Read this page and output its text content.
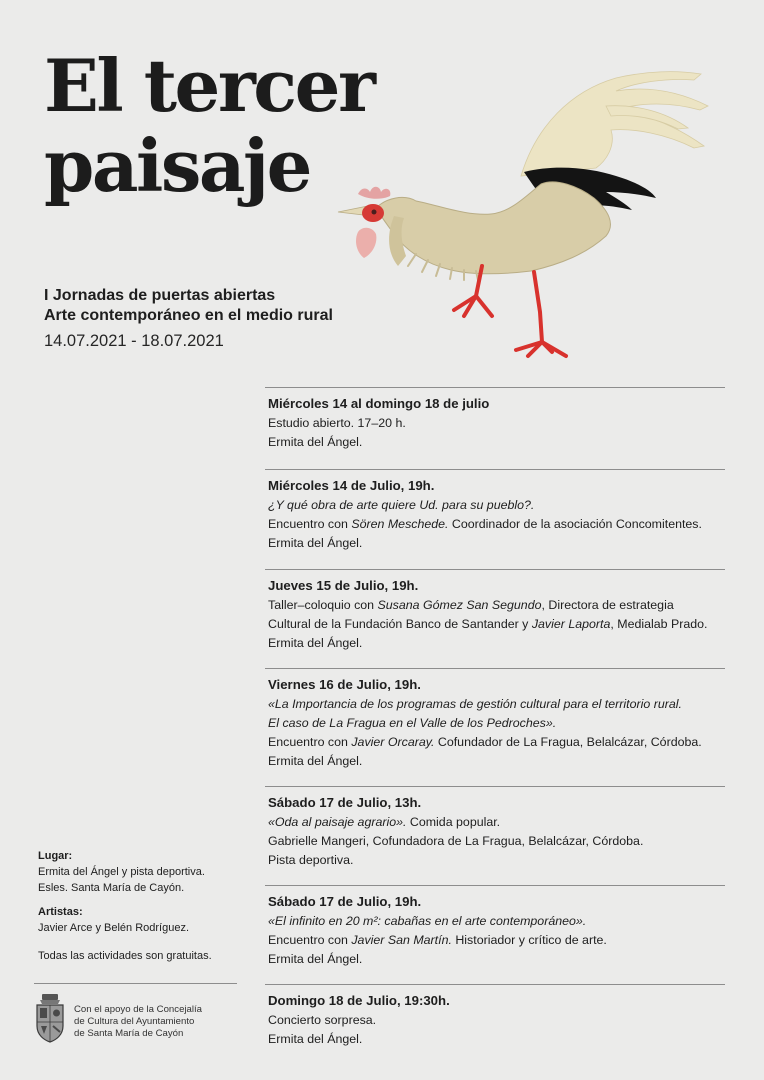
El tercer
paisaje
I Jornadas de puertas abiertas
Arte contemporáneo en el medio rural
14.07.2021 - 18.07.2021
Miércoles 14 al domingo 18 de julio
Estudio abierto. 17–20 h.
Ermita del Ángel.
Miércoles 14 de Julio, 19h.
¿Y qué obra de arte quiere Ud. para su pueblo?.
Encuentro con Sören Meschede. Coordinador de la asociación Concomitentes.
Ermita del Ángel.
Jueves 15 de Julio, 19h.
Taller–coloquio con Susana Gómez San Segundo, Directora de estrategia
Cultural de la Fundación Banco de Santander y Javier Laporta, Medialab Prado.
Ermita del Ángel.
Viernes 16 de Julio, 19h.
«La Importancia de los programas de gestión cultural para el territorio rural.
El caso de La Fragua en el Valle de los Pedroches».
Encuentro con Javier Orcaray. Cofundador de La Fragua, Belalcázar, Córdoba.
Ermita del Ángel.
Sábado 17 de Julio, 13h.
«Oda al paisaje agrario». Comida popular.
Gabrielle Mangeri, Cofundadora de La Fragua, Belalcázar, Córdoba.
Pista deportiva.
Sábado 17 de Julio, 19h.
«El infinito en 20 m²: cabañas en el arte contemporáneo».
Encuentro con Javier San Martín. Historiador y crítico de arte.
Ermita del Ángel.
Domingo 18 de Julio, 19:30h.
Concierto sorpresa.
Ermita del Ángel.
Lugar:
Ermita del Ángel y pista deportiva.
Esles. Santa María de Cayón.
Artistas:
Javier Arce y Belén Rodríguez.
Todas las actividades son gratuitas.
Con el apoyo de la Concejalía
de Cultura del Ayuntamiento
de Santa María de Cayón
